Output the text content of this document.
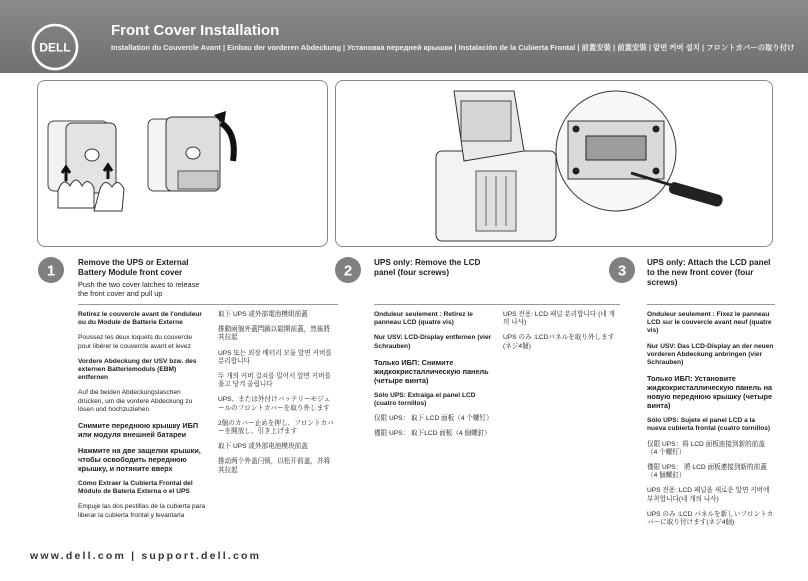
DELL
Front Cover Installation
Installation du Couvercle Avant | Einbau der vorderen Abdeckung | Установка передней крышки | Instalación de la Cubierta Frontal | 前蓋安裝 | 前蓋安裝 | 앞면 커버 설치 | フロントカバーの取り付け
1	2	3
Remove the UPS or External Battery Module front cover
Push the two cover latches to release the front cover and pull up
UPS only: Remove the LCD panel (four screws)
UPS only: Attach the LCD panel to the new front cover (four screws)

Retirez le couvercle avant de l'onduleur ou du Module de Batterie Externe

Poussez les deux loquets du couvercle pour libérer le couvercle avant et levez

Vordere Abdeckung der USV bzw. des externen Batteriemoduls (EBM) entfernen

Auf die beiden Abdeckungslaschen drücken, um die vordere Abdeckung zu lösen und hochzuziehen

Снимите переднюю крышку ИБП или модуля внешней батареи

Нажмите на две защелки крышки, чтобы освободить переднюю крышку, и потяните вверх

Cómo Extraer la Cubierta Frontal del Módulo de Batería Externa o el UPS

Empuje las dos pestillas de la cubierta para liberar la cubierta frontal y levantarla

取下 UPS 或外部電池模組前蓋

推動兩個外蓋閂鎖以鬆開前蓋，然後將其拉起

UPS 또는 외장 배터리 모듈 앞면 커버를 분리합니다

두 개의 커버 걸쇠를 밀어서 앞면 커버를 풀고 당겨 올립니다

UPS、または外付けバッテリーモジュールのフロントカバーを取り外します

2個のカバー止めを押し、フロントカバーを開放し、引き上げます

取下 UPS 或外部电池模块前盖

推动两个外盖闩锁，以松开前盖，并将其拉起

Onduleur seulement : Retirez le panneau LCD (quatre vis)

Nur USV: LCD-Display entfernen (vier Schrauben)

Только ИБП: Снимите жидкокристаллическую панель (четыре винта)

Sólo UPS: Extraiga el panel LCD (cuatro tornillos)

仅限 UPS： 取下 LCD 面板（4 个螺钉）

僅限 UPS： 取下LCD 面板（4 個螺釘）

UPS 전용: LCD 패널 분리합니다 (네 개의 나사)

UPS のみ :LCDパネルを取り外します (ネジ4個)

Onduleur seulement : Fixez le panneau LCD sur le couvercle avant neuf (quatre vis)

Nur USV: Das LCD-Display an der neuen vorderen Abdeckung anbringen (vier Schrauben)

Только ИБП: Установите жидкокристаллическую панель на новую переднюю крышку (четыре винта)

Sólo UPS: Sujete el panel LCD a la nueva cubierta frontal (cuatro tornillos)

仅限 UPS：将 LCD 面板连接到新的前盖（4 个螺钉）

僅限 UPS： 將 LCD 面板連接到新的前蓋（4 個螺釘）

UPS 전용: LCD 패널을 새로운 앞면 커버에 부착합니다(네 개의 나사)

UPS のみ :LCD パネルを新しいフロントカバーに取り付けます(ネジ4個)

www.dell.com | support.dell.com
